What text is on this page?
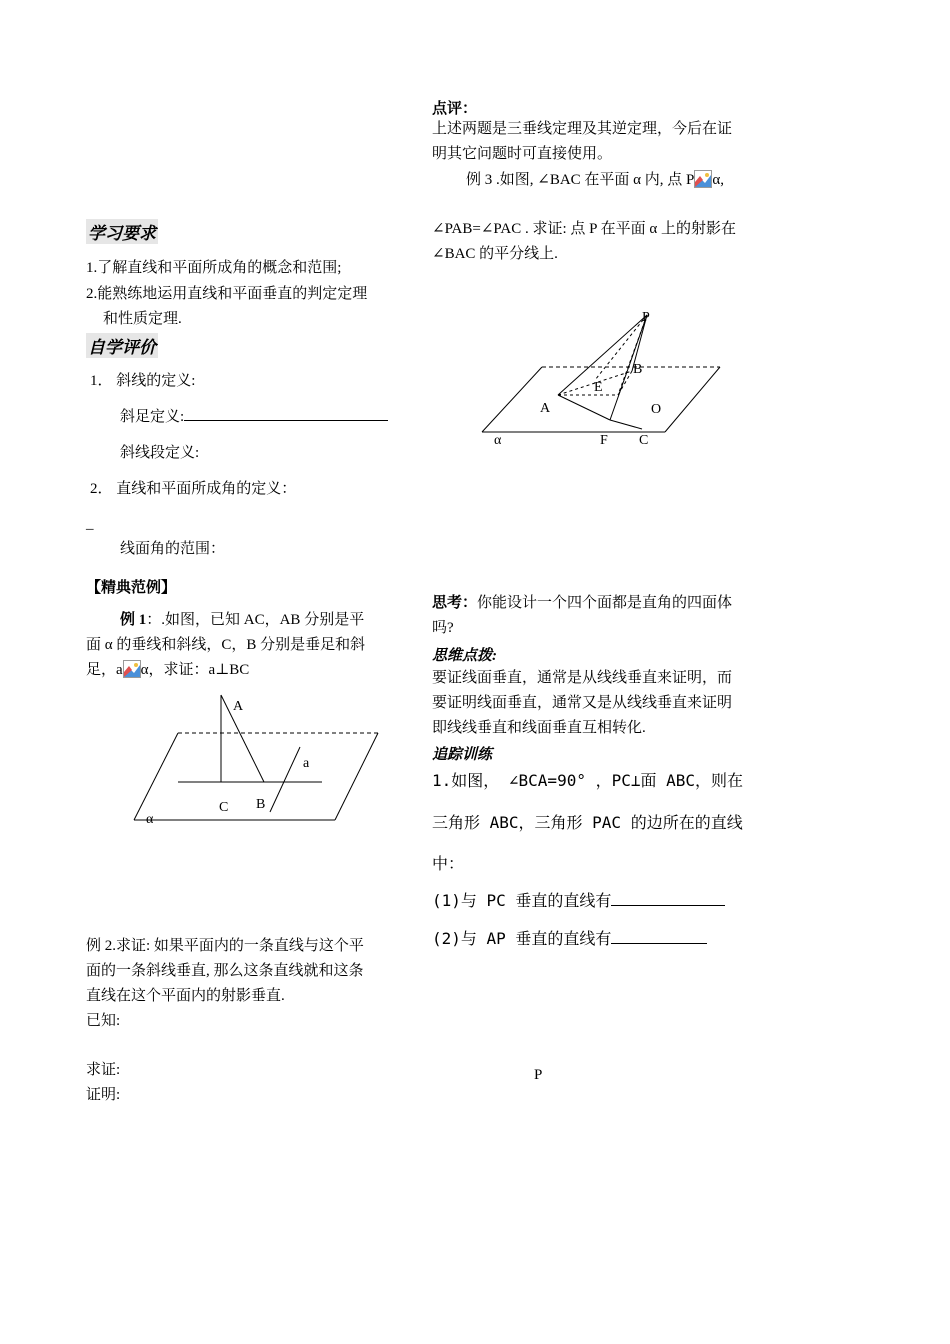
点评：
上述两题是三垂线定理及其逆定理，今后在证
明其它问题时可直接使用。
例 3 .如图, ∠BAC 在平面 α 内, 点 P α,
∠PAB=∠PAC . 求证: 点 P 在平面 α 上的射影在
∠BAC 的平分线上.
P
B
E
A	O
α	F C
思考：你能设计一个四个面都是直角的四面体
吗?
思维点拨:
要证线面垂直，通常是从线线垂直来证明，而
要证明线面垂直，通常又是从线线垂直来证明
即线线垂直和线面垂直互相转化.
追踪训练
1.如图， ∠BCA=90° ，PC⊥面 ABC，则在
三角形 ABC，三角形 PAC 的边所在的直线
中：
(1)与 PC 垂直的直线有
(2)与 AP 垂直的直线有
P
学习要求
1.了解直线和平面所成角的概念和范围;
2.能熟练地运用直线和平面垂直的判定定理
和性质定理.
自学评价
1． 斜线的定义:
斜足定义:
斜线段定义:
2． 直线和平面所成角的定义：
_
线面角的范围：
【精典范例】
例 1：.如图，已知 AC，AB 分别是平
面 α 的垂线和斜线，C，B 分别是垂足和斜
足，a α，求证：a⊥BC
A
a
C B
α
例 2.求证: 如果平面内的一条直线与这个平
面的一条斜线垂直, 那么这条直线就和这条
直线在这个平面内的射影垂直.
已知:
求证:
证明:
